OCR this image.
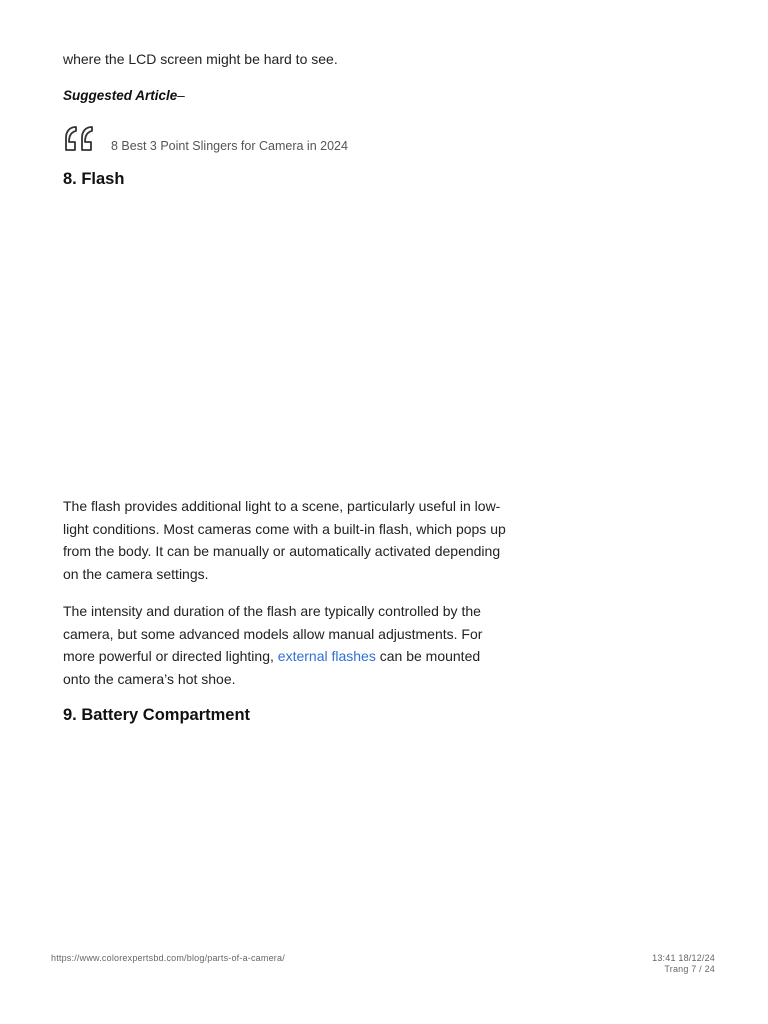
where the LCD screen might be hard to see.

Suggested Article–
8 Best 3 Point Slingers for Camera in 2024
8. Flash

The flash provides additional light to a scene, particularly useful in low-light conditions. Most cameras come with a built-in flash, which pops up from the body. It can be manually or automatically activated depending on the camera settings.

The intensity and duration of the flash are typically controlled by the camera, but some advanced models allow manual adjustments. For more powerful or directed lighting, external flashes can be mounted onto the camera’s hot shoe.

9. Battery Compartment
https://www.colorexpertsbd.com/blog/parts-of-a-camera/	13:41 18/12/24
Trang 7 / 24
